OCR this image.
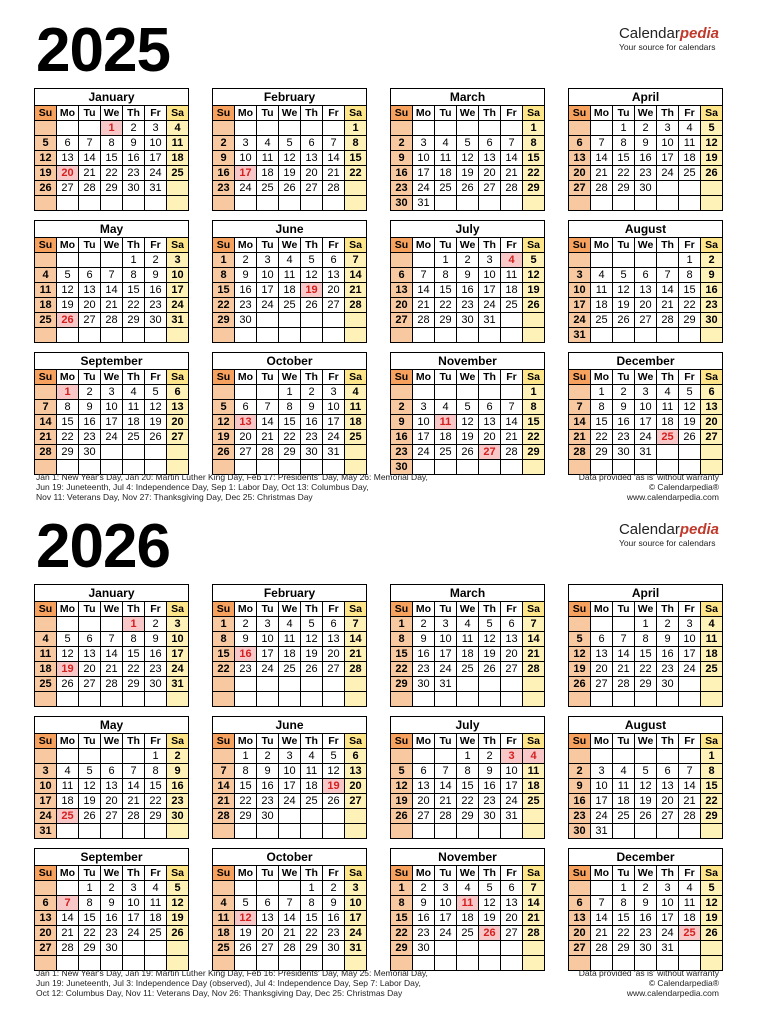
2025	Calendarpedia
Your source for calendars
January
Su	Mo	Tu	We	Th	Fr	Sa
			1	2	3	4
5	6	7	8	9	10	11
12	13	14	15	16	17	18
19	20	21	22	23	24	25
26	27	28	29	30	31	

February
Su	Mo	Tu	We	Th	Fr	Sa
						1
2	3	4	5	6	7	8
9	10	11	12	13	14	15
16	17	18	19	20	21	22
23	24	25	26	27	28	

March
Su	Mo	Tu	We	Th	Fr	Sa
						1
2	3	4	5	6	7	8
9	10	11	12	13	14	15
16	17	18	19	20	21	22
23	24	25	26	27	28	29
30	31					
April
Su	Mo	Tu	We	Th	Fr	Sa
		1	2	3	4	5
6	7	8	9	10	11	12
13	14	15	16	17	18	19
20	21	22	23	24	25	26
27	28	29	30			

May
Su	Mo	Tu	We	Th	Fr	Sa
				1	2	3
4	5	6	7	8	9	10
11	12	13	14	15	16	17
18	19	20	21	22	23	24
25	26	27	28	29	30	31

June
Su	Mo	Tu	We	Th	Fr	Sa
1	2	3	4	5	6	7
8	9	10	11	12	13	14
15	16	17	18	19	20	21
22	23	24	25	26	27	28
29	30					

July
Su	Mo	Tu	We	Th	Fr	Sa
		1	2	3	4	5
6	7	8	9	10	11	12
13	14	15	16	17	18	19
20	21	22	23	24	25	26
27	28	29	30	31		

August
Su	Mo	Tu	We	Th	Fr	Sa
					1	2
3	4	5	6	7	8	9
10	11	12	13	14	15	16
17	18	19	20	21	22	23
24	25	26	27	28	29	30
31						
September
Su	Mo	Tu	We	Th	Fr	Sa
	1	2	3	4	5	6
7	8	9	10	11	12	13
14	15	16	17	18	19	20
21	22	23	24	25	26	27
28	29	30				

October
Su	Mo	Tu	We	Th	Fr	Sa
			1	2	3	4
5	6	7	8	9	10	11
12	13	14	15	16	17	18
19	20	21	22	23	24	25
26	27	28	29	30	31	

November
Su	Mo	Tu	We	Th	Fr	Sa
						1
2	3	4	5	6	7	8
9	10	11	12	13	14	15
16	17	18	19	20	21	22
23	24	25	26	27	28	29
30						
December
Su	Mo	Tu	We	Th	Fr	Sa
	1	2	3	4	5	6
7	8	9	10	11	12	13
14	15	16	17	18	19	20
21	22	23	24	25	26	27
28	29	30	31			

Jan 1: New Year's Day, Jan 20: Martin Luther King Day, Feb 17: Presidents' Day, May 26: Memorial Day,
Jun 19: Juneteenth, Jul 4: Independence Day, Sep 1: Labor Day, Oct 13: Columbus Day,
Nov 11: Veterans Day, Nov 27: Thanksgiving Day, Dec 25: Christmas Day
Data provided 'as is' without warranty
© Calendarpedia®
www.calendarpedia.com
2026	Calendarpedia
Your source for calendars
January
Su	Mo	Tu	We	Th	Fr	Sa
				1	2	3
4	5	6	7	8	9	10
11	12	13	14	15	16	17
18	19	20	21	22	23	24
25	26	27	28	29	30	31

February
Su	Mo	Tu	We	Th	Fr	Sa
1	2	3	4	5	6	7
8	9	10	11	12	13	14
15	16	17	18	19	20	21
22	23	24	25	26	27	28

March
Su	Mo	Tu	We	Th	Fr	Sa
1	2	3	4	5	6	7
8	9	10	11	12	13	14
15	16	17	18	19	20	21
22	23	24	25	26	27	28
29	30	31				

April
Su	Mo	Tu	We	Th	Fr	Sa
			1	2	3	4
5	6	7	8	9	10	11
12	13	14	15	16	17	18
19	20	21	22	23	24	25
26	27	28	29	30		

May
Su	Mo	Tu	We	Th	Fr	Sa
					1	2
3	4	5	6	7	8	9
10	11	12	13	14	15	16
17	18	19	20	21	22	23
24	25	26	27	28	29	30
31						
June
Su	Mo	Tu	We	Th	Fr	Sa
	1	2	3	4	5	6
7	8	9	10	11	12	13
14	15	16	17	18	19	20
21	22	23	24	25	26	27
28	29	30				

July
Su	Mo	Tu	We	Th	Fr	Sa
			1	2	3	4
5	6	7	8	9	10	11
12	13	14	15	16	17	18
19	20	21	22	23	24	25
26	27	28	29	30	31	

August
Su	Mo	Tu	We	Th	Fr	Sa
						1
2	3	4	5	6	7	8
9	10	11	12	13	14	15
16	17	18	19	20	21	22
23	24	25	26	27	28	29
30	31					
September
Su	Mo	Tu	We	Th	Fr	Sa
		1	2	3	4	5
6	7	8	9	10	11	12
13	14	15	16	17	18	19
20	21	22	23	24	25	26
27	28	29	30			

October
Su	Mo	Tu	We	Th	Fr	Sa
				1	2	3
4	5	6	7	8	9	10
11	12	13	14	15	16	17
18	19	20	21	22	23	24
25	26	27	28	29	30	31

November
Su	Mo	Tu	We	Th	Fr	Sa
1	2	3	4	5	6	7
8	9	10	11	12	13	14
15	16	17	18	19	20	21
22	23	24	25	26	27	28
29	30					

December
Su	Mo	Tu	We	Th	Fr	Sa
		1	2	3	4	5
6	7	8	9	10	11	12
13	14	15	16	17	18	19
20	21	22	23	24	25	26
27	28	29	30	31		

Jan 1: New Year's Day, Jan 19: Martin Luther King Day, Feb 16: Presidents' Day, May 25: Memorial Day,
Jun 19: Juneteenth, Jul 3: Independence Day (observed), Jul 4: Independence Day, Sep 7: Labor Day,
Oct 12: Columbus Day, Nov 11: Veterans Day, Nov 26: Thanksgiving Day, Dec 25: Christmas Day
Data provided 'as is' without warranty
© Calendarpedia®
www.calendarpedia.com
